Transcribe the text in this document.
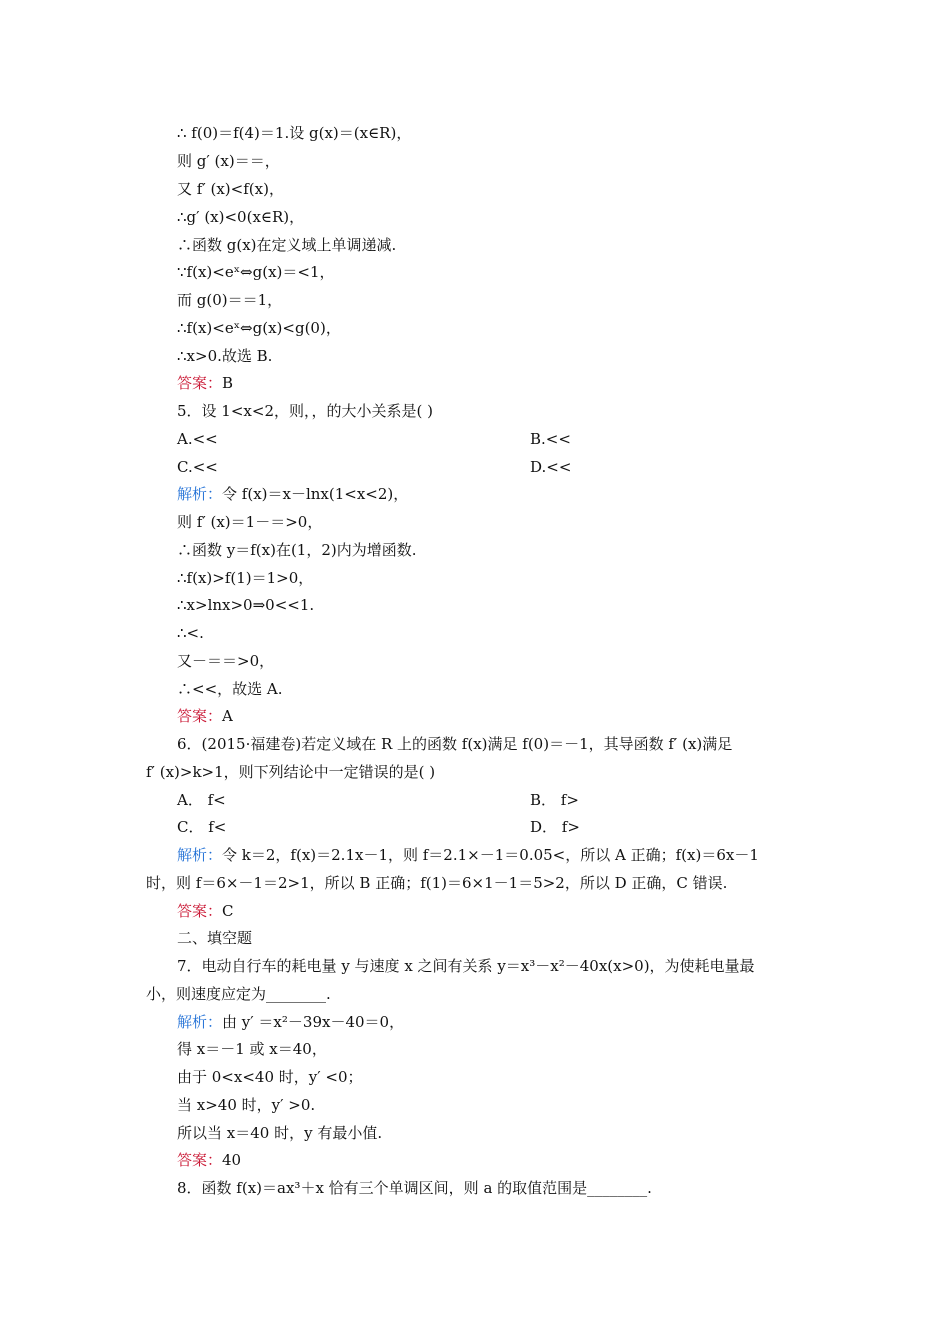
∴ f(0)＝f(4)＝1.设 g(x)＝(x∈R)，
则 g′ (x)＝＝，
又 f′ (x)<f(x)，
∴g′ (x)<0(x∈R)，
∴函数 g(x)在定义域上单调递减.
∵f(x)<eˣ⇔g(x)＝<1，
而 g(0)＝＝1，
∴f(x)<eˣ⇔g(x)<g(0)，
∴x>0.故选 B.
答案：B
5．设 1<x<2，则，，的大小关系是( )
A.<<	B.<<
C.<<	D.<<
解析：令 f(x)＝x－lnx(1<x<2)，
则 f′ (x)＝1－＝>0，
∴函数 y＝f(x)在(1，2)内为增函数.
∴f(x)>f(1)＝1>0，
∴x>lnx>0⇒0<<1.
∴<.
又－＝＝>0，
∴<<，故选 A.
答案：A
6．(2015·福建卷)若定义域在 R 上的函数 f(x)满足 f(0)＝－1，其导函数 f′ (x)满足
f′ (x)>k>1，则下列结论中一定错误的是( )
A． f<	B． f>
C． f<	D． f>
解析：令 k＝2，f(x)＝2.1x－1，则 f＝2.1×－1＝0.05<，所以 A 正确；f(x)＝6x－1
时，则 f＝6×－1＝2>1，所以 B 正确；f(1)＝6×1－1＝5>2，所以 D 正确，C 错误.
答案：C
二、填空题
7．电动自行车的耗电量 y 与速度 x 之间有关系 y＝x³－x²－40x(x>0)，为使耗电量最
小，则速度应定为________.
解析：由 y′ ＝x²－39x－40＝0，
得 x＝－1 或 x＝40，
由于 0<x<40 时，y′ <0；
当 x>40 时，y′ >0.
所以当 x＝40 时，y 有最小值.
答案：40
8．函数 f(x)＝ax³＋x 恰有三个单调区间，则 a 的取值范围是________.
